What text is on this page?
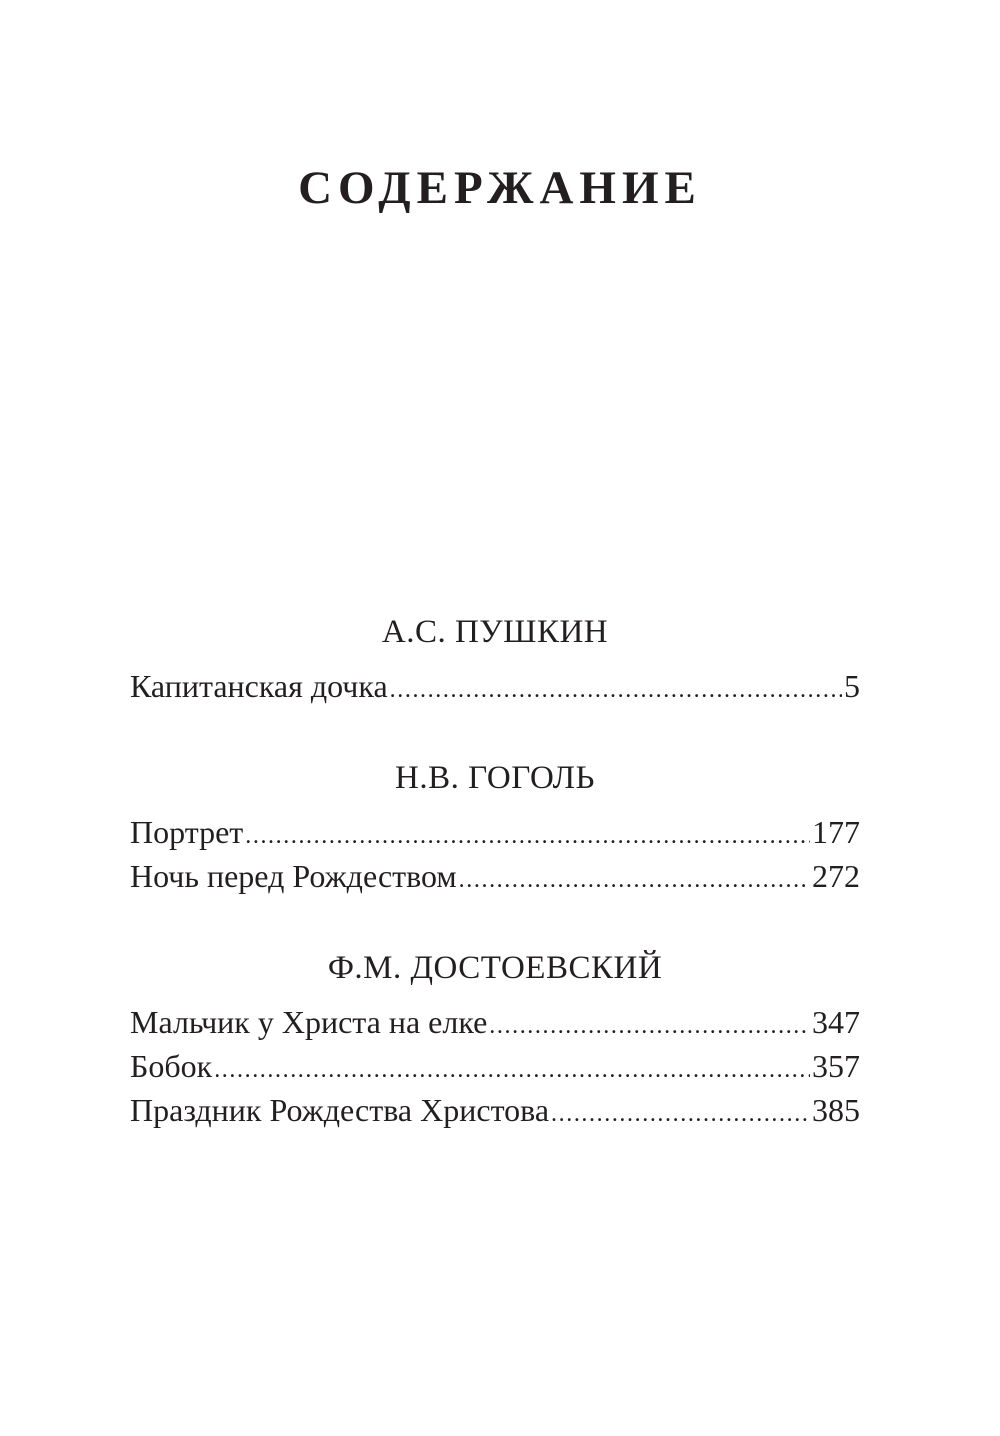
СОДЕРЖАНИЕ
А.С. ПУШКИН
Капитанская дочка .....	5
Н.В. ГОГОЛЬ
Портрет .....	177
Ночь перед Рождеством .....	272
Ф.М. ДОСТОЕВСКИЙ
Мальчик у Христа на елке .....	347
Бобок .....	357
Праздник Рождества Христова .....	385
